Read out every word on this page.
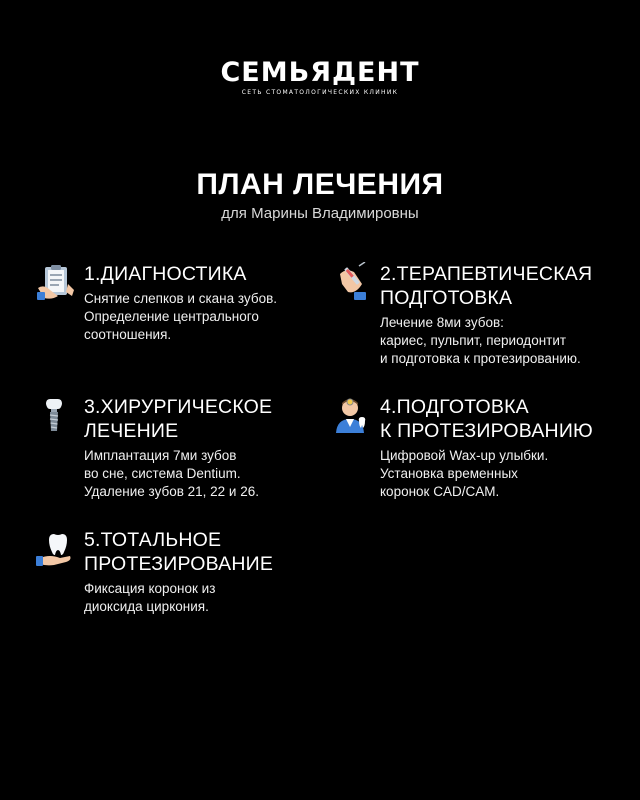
СЕМЬЯДЕНТ
СЕТЬ СТОМАТОЛОГИЧЕСКИХ КЛИНИК
ПЛАН ЛЕЧЕНИЯ
для Марины Владимировны
1.ДИАГНОСТИКА
Снятие слепков и скана зубов.
Определение центрального
соотношения.
2.ТЕРАПЕВТИЧЕСКАЯ
ПОДГОТОВКА
Лечение 8ми зубов:
кариес, пульпит, периодонтит
и подготовка к протезированию.
3.ХИРУРГИЧЕСКОЕ
ЛЕЧЕНИЕ
Имплантация 7ми зубов
во сне, система Dentium.
Удаление зубов 21, 22 и 26.
4.ПОДГОТОВКА
К ПРОТЕЗИРОВАНИЮ
Цифровой Wax-up улыбки.
Установка временных
коронок CAD/CAM.
5.ТОТАЛЬНОЕ
ПРОТЕЗИРОВАНИЕ
Фиксация коронок из
диоксида циркония.
